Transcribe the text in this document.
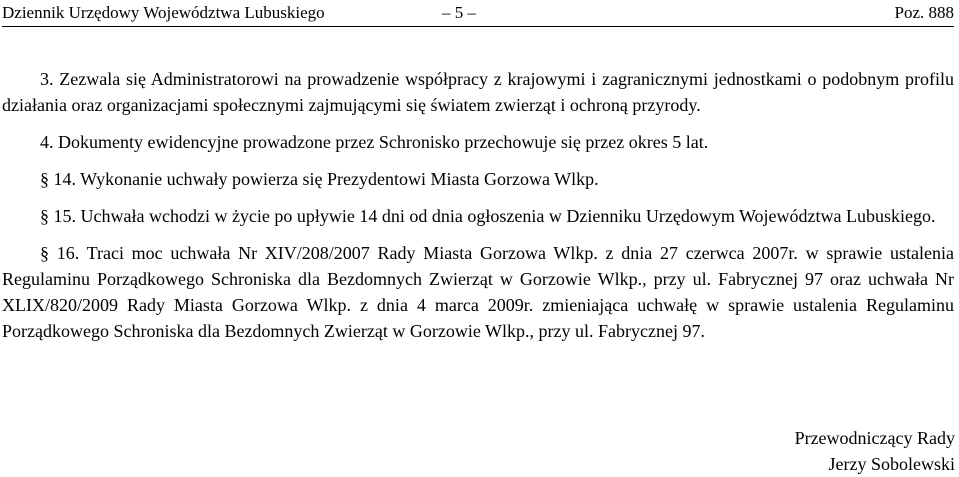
Dziennik Urzędowy Województwa Lubuskiego	– 5 –	Poz. 888

3. Zezwala się Administratorowi na prowadzenie współpracy z krajowymi i zagranicznymi jednostkami o podobnym profilu działania oraz organizacjami społecznymi zajmującymi się światem zwierząt i ochroną przyrody.

4. Dokumenty ewidencyjne prowadzone przez Schronisko przechowuje się przez okres 5 lat.

§ 14. Wykonanie uchwały powierza się Prezydentowi Miasta Gorzowa Wlkp.

§ 15. Uchwała wchodzi w życie po upływie 14 dni od dnia ogłoszenia w Dzienniku Urzędowym Województwa Lubuskiego.

§ 16. Traci moc uchwała Nr XIV/208/2007 Rady Miasta Gorzowa Wlkp. z dnia 27 czerwca 2007r. w sprawie ustalenia Regulaminu Porządkowego Schroniska dla Bezdomnych Zwierząt w Gorzowie Wlkp., przy ul. Fabrycznej 97 oraz uchwała Nr XLIX/820/2009 Rady Miasta Gorzowa Wlkp. z dnia 4 marca 2009r. zmieniająca uchwałę w sprawie ustalenia Regulaminu Porządkowego Schroniska dla Bezdomnych Zwierząt w Gorzowie Wlkp., przy ul. Fabrycznej 97.

Przewodniczący Rady
Jerzy Sobolewski
